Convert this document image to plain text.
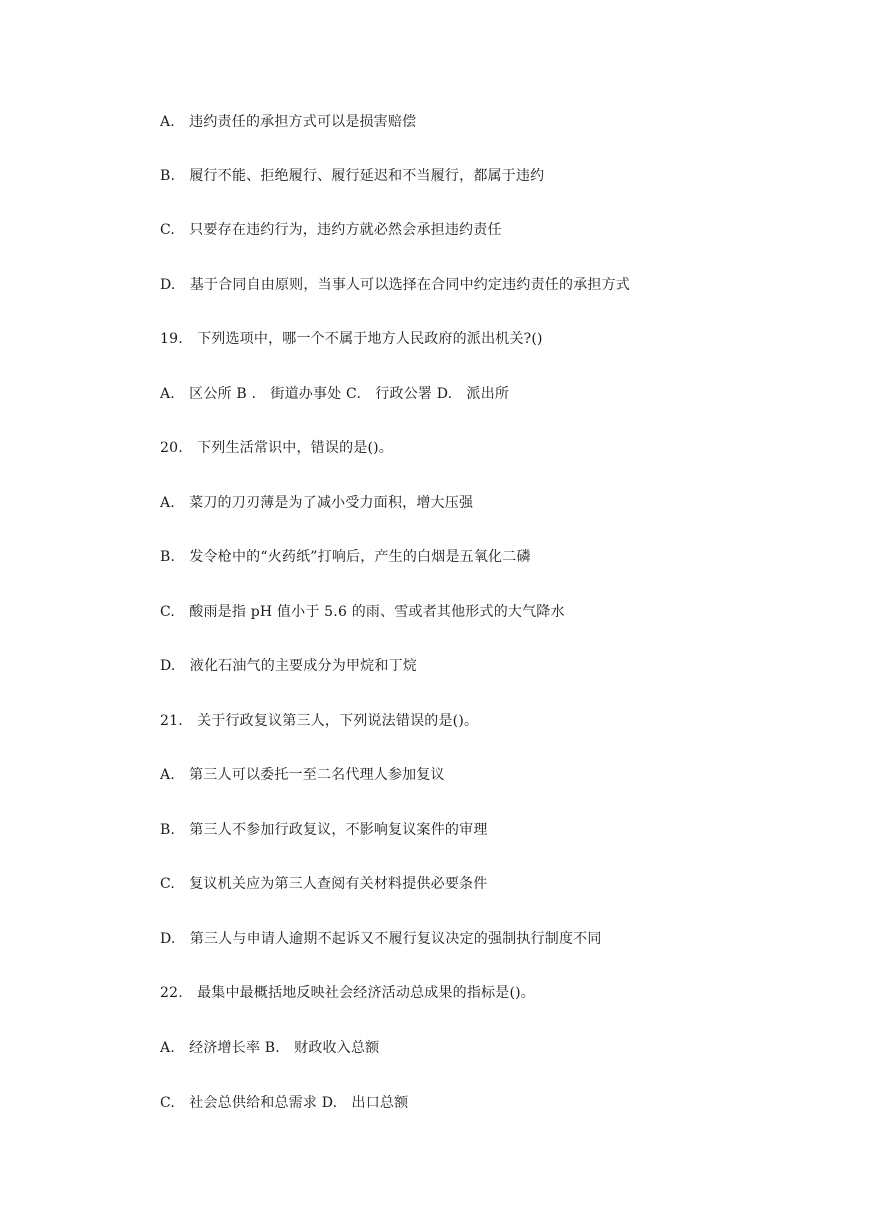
A.　违约责任的承担方式可以是损害赔偿
B.　履行不能、拒绝履行、履行延迟和不当履行，都属于违约
C.　只要存在违约行为，违约方就必然会承担违约责任
D.　基于合同自由原则，当事人可以选择在合同中约定违约责任的承担方式
19.　下列选项中，哪一个不属于地方人民政府的派出机关?()
A.　区公所 B .　街道办事处 C.　行政公署 D.　派出所
20.　下列生活常识中，错误的是()。
A.　菜刀的刀刃薄是为了减小受力面积，增大压强
B.　发令枪中的“火药纸”打响后，产生的白烟是五氧化二磷
C.　酸雨是指 pH 值小于 5.6 的雨、雪或者其他形式的大气降水
D.　液化石油气的主要成分为甲烷和丁烷
21.　关于行政复议第三人，下列说法错误的是()。
A.　第三人可以委托一至二名代理人参加复议
B.　第三人不参加行政复议，不影响复议案件的审理
C.　复议机关应为第三人查阅有关材料提供必要条件
D.　第三人与申请人逾期不起诉又不履行复议决定的强制执行制度不同
22.　最集中最概括地反映社会经济活动总成果的指标是()。
A.　经济增长率 B.　财政收入总额
C.　社会总供给和总需求 D.　出口总额
